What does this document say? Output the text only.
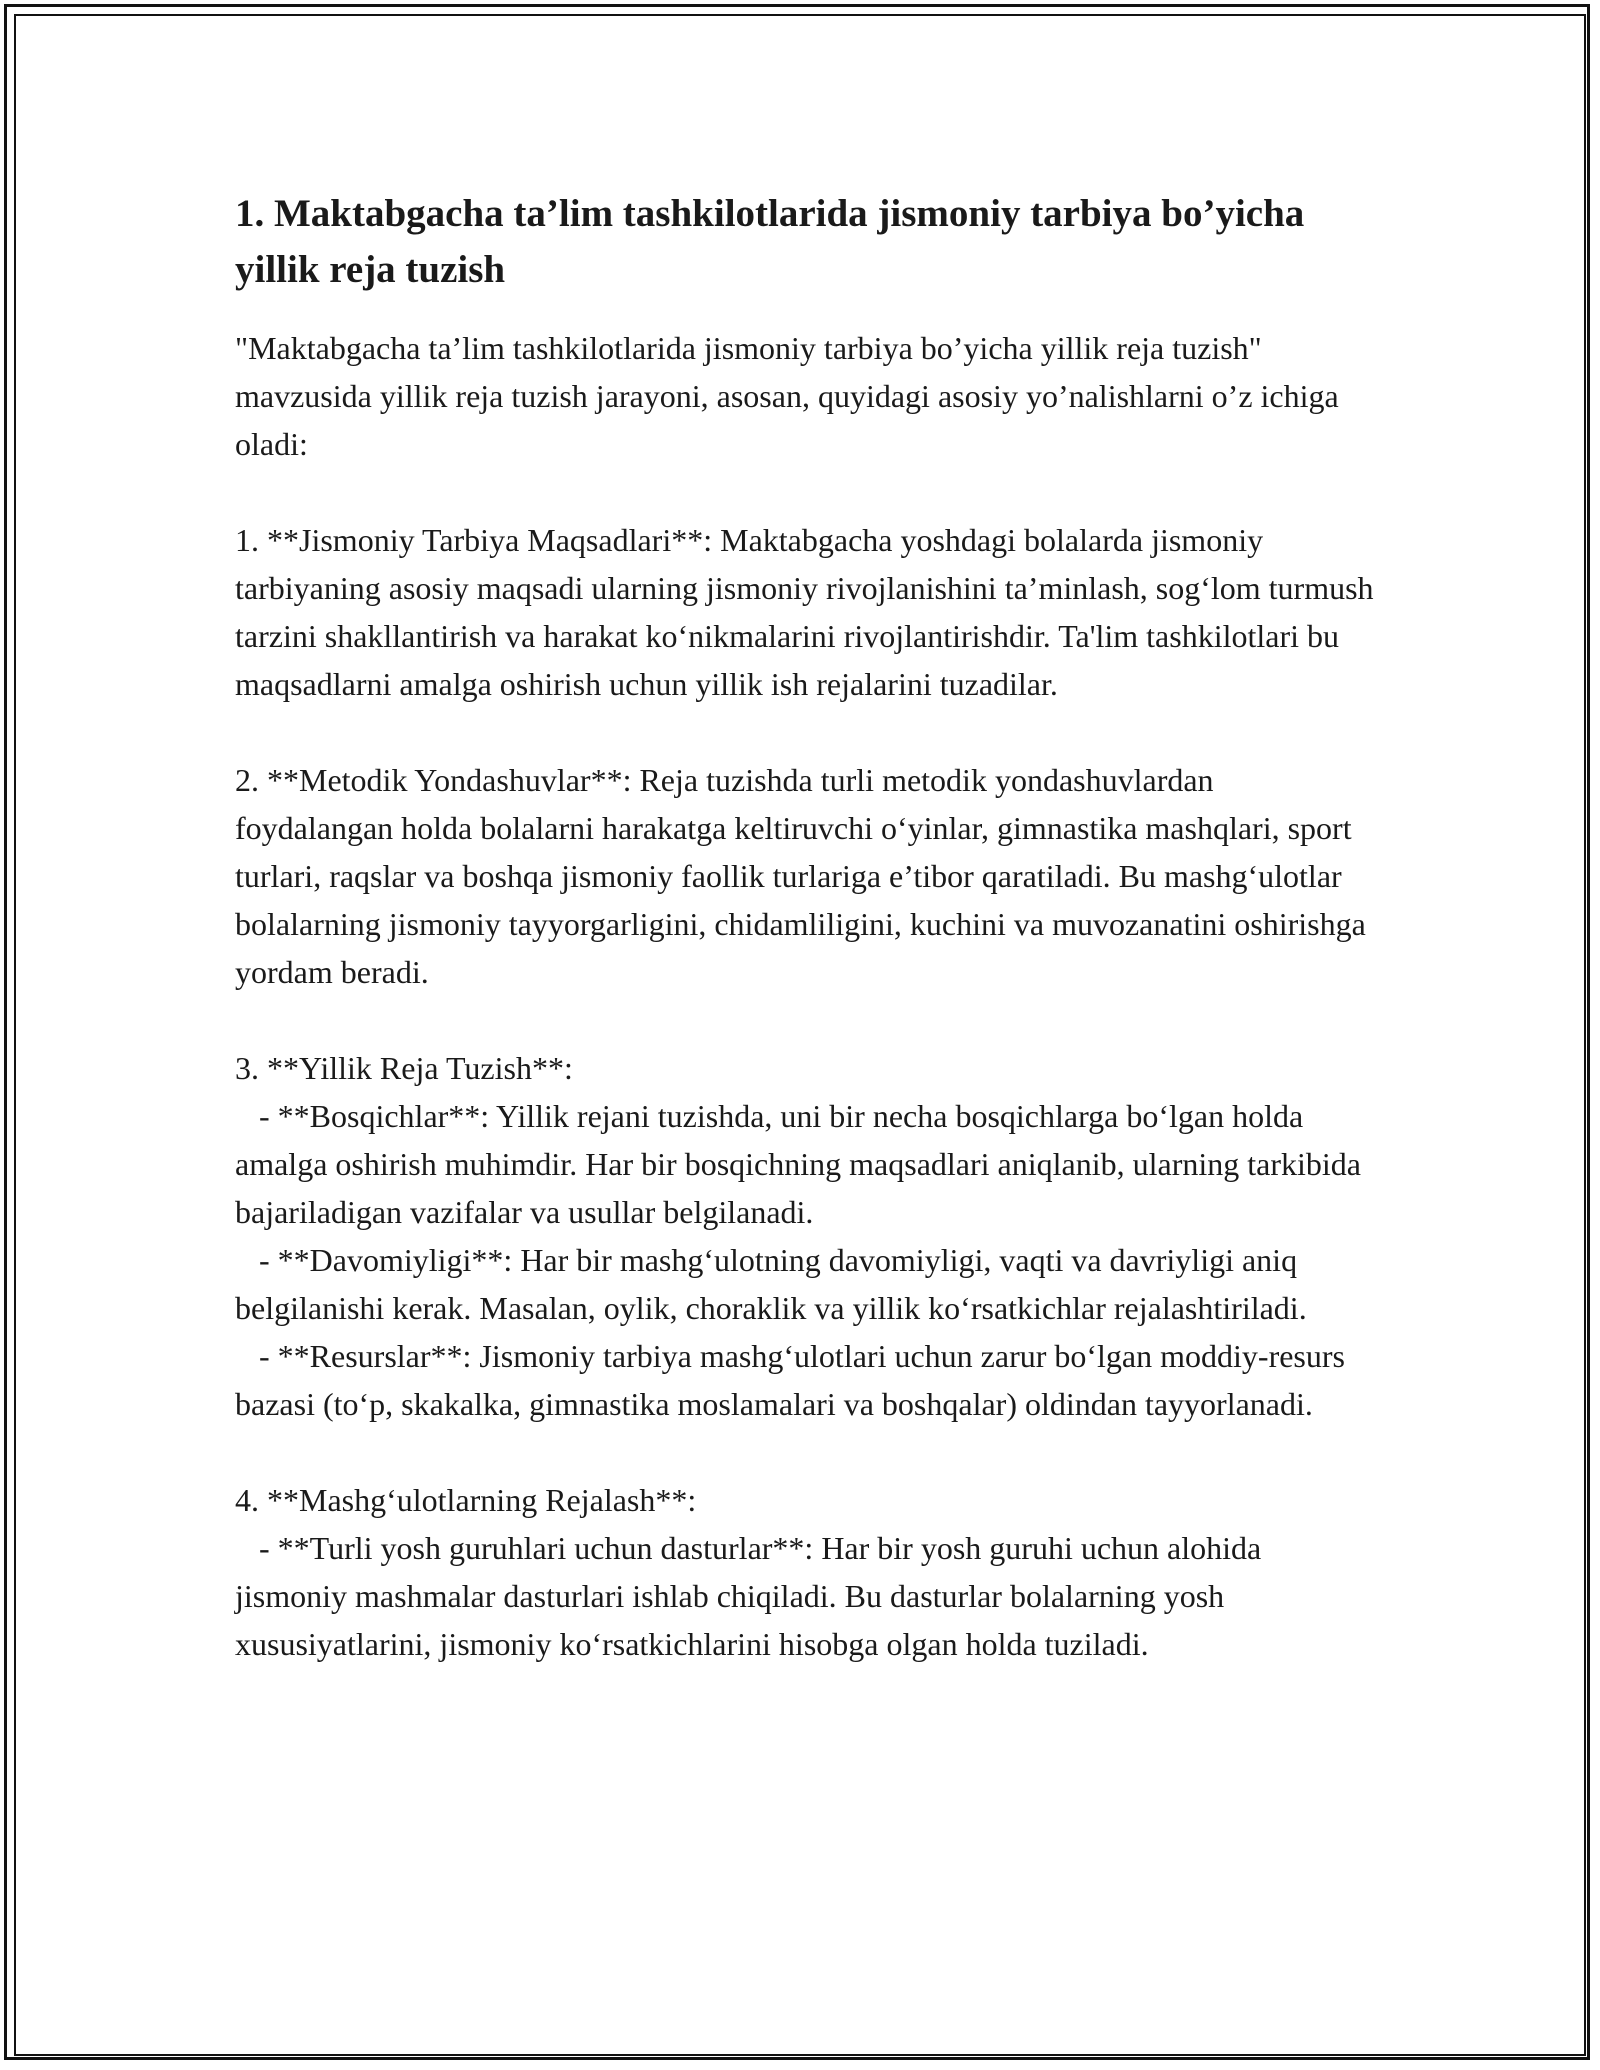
1. Maktabgacha ta’lim tashkilotlarida jismoniy tarbiya bo’yicha yillik reja tuzish

"Maktabgacha ta’lim tashkilotlarida jismoniy tarbiya bo’yicha yillik reja tuzish" mavzusida yillik reja tuzish jarayoni, asosan, quyidagi asosiy yo’nalishlarni o’z ichiga oladi:

1. **Jismoniy Tarbiya Maqsadlari**: Maktabgacha yoshdagi bolalarda jismoniy tarbiyaning asosiy maqsadi ularning jismoniy rivojlanishini ta’minlash, sog‘lom turmush tarzini shakllantirish va harakat ko‘nikmalarini rivojlantirishdir. Ta'lim tashkilotlari bu maqsadlarni amalga oshirish uchun yillik ish rejalarini tuzadilar.

2. **Metodik Yondashuvlar**: Reja tuzishda turli metodik yondashuvlardan foydalangan holda bolalarni harakatga keltiruvchi o‘yinlar, gimnastika mashqlari, sport turlari, raqslar va boshqa jismoniy faollik turlariga e’tibor qaratiladi. Bu mashg‘ulotlar bolalarning jismoniy tayyorgarligini, chidamliligini, kuchini va muvozanatini oshirishga yordam beradi.

3. **Yillik Reja Tuzish**:

- **Bosqichlar**: Yillik rejani tuzishda, uni bir necha bosqichlarga bo‘lgan holda amalga oshirish muhimdir. Har bir bosqichning maqsadlari aniqlanib, ularning tarkibida bajariladigan vazifalar va usullar belgilanadi.

- **Davomiyligi**: Har bir mashg‘ulotning davomiyligi, vaqti va davriyligi aniq belgilanishi kerak. Masalan, oylik, choraklik va yillik ko‘rsatkichlar rejalashtiriladi.

- **Resurslar**: Jismoniy tarbiya mashg‘ulotlari uchun zarur bo‘lgan moddiy-resurs bazasi (to‘p, skakalka, gimnastika moslamalari va boshqalar) oldindan tayyorlanadi.

4. **Mashg‘ulotlarning Rejalash**:

- **Turli yosh guruhlari uchun dasturlar**: Har bir yosh guruhi uchun alohida jismoniy mashmalar dasturlari ishlab chiqiladi. Bu dasturlar bolalarning yosh xususiyatlarini, jismoniy ko‘rsatkichlarini hisobga olgan holda tuziladi.
